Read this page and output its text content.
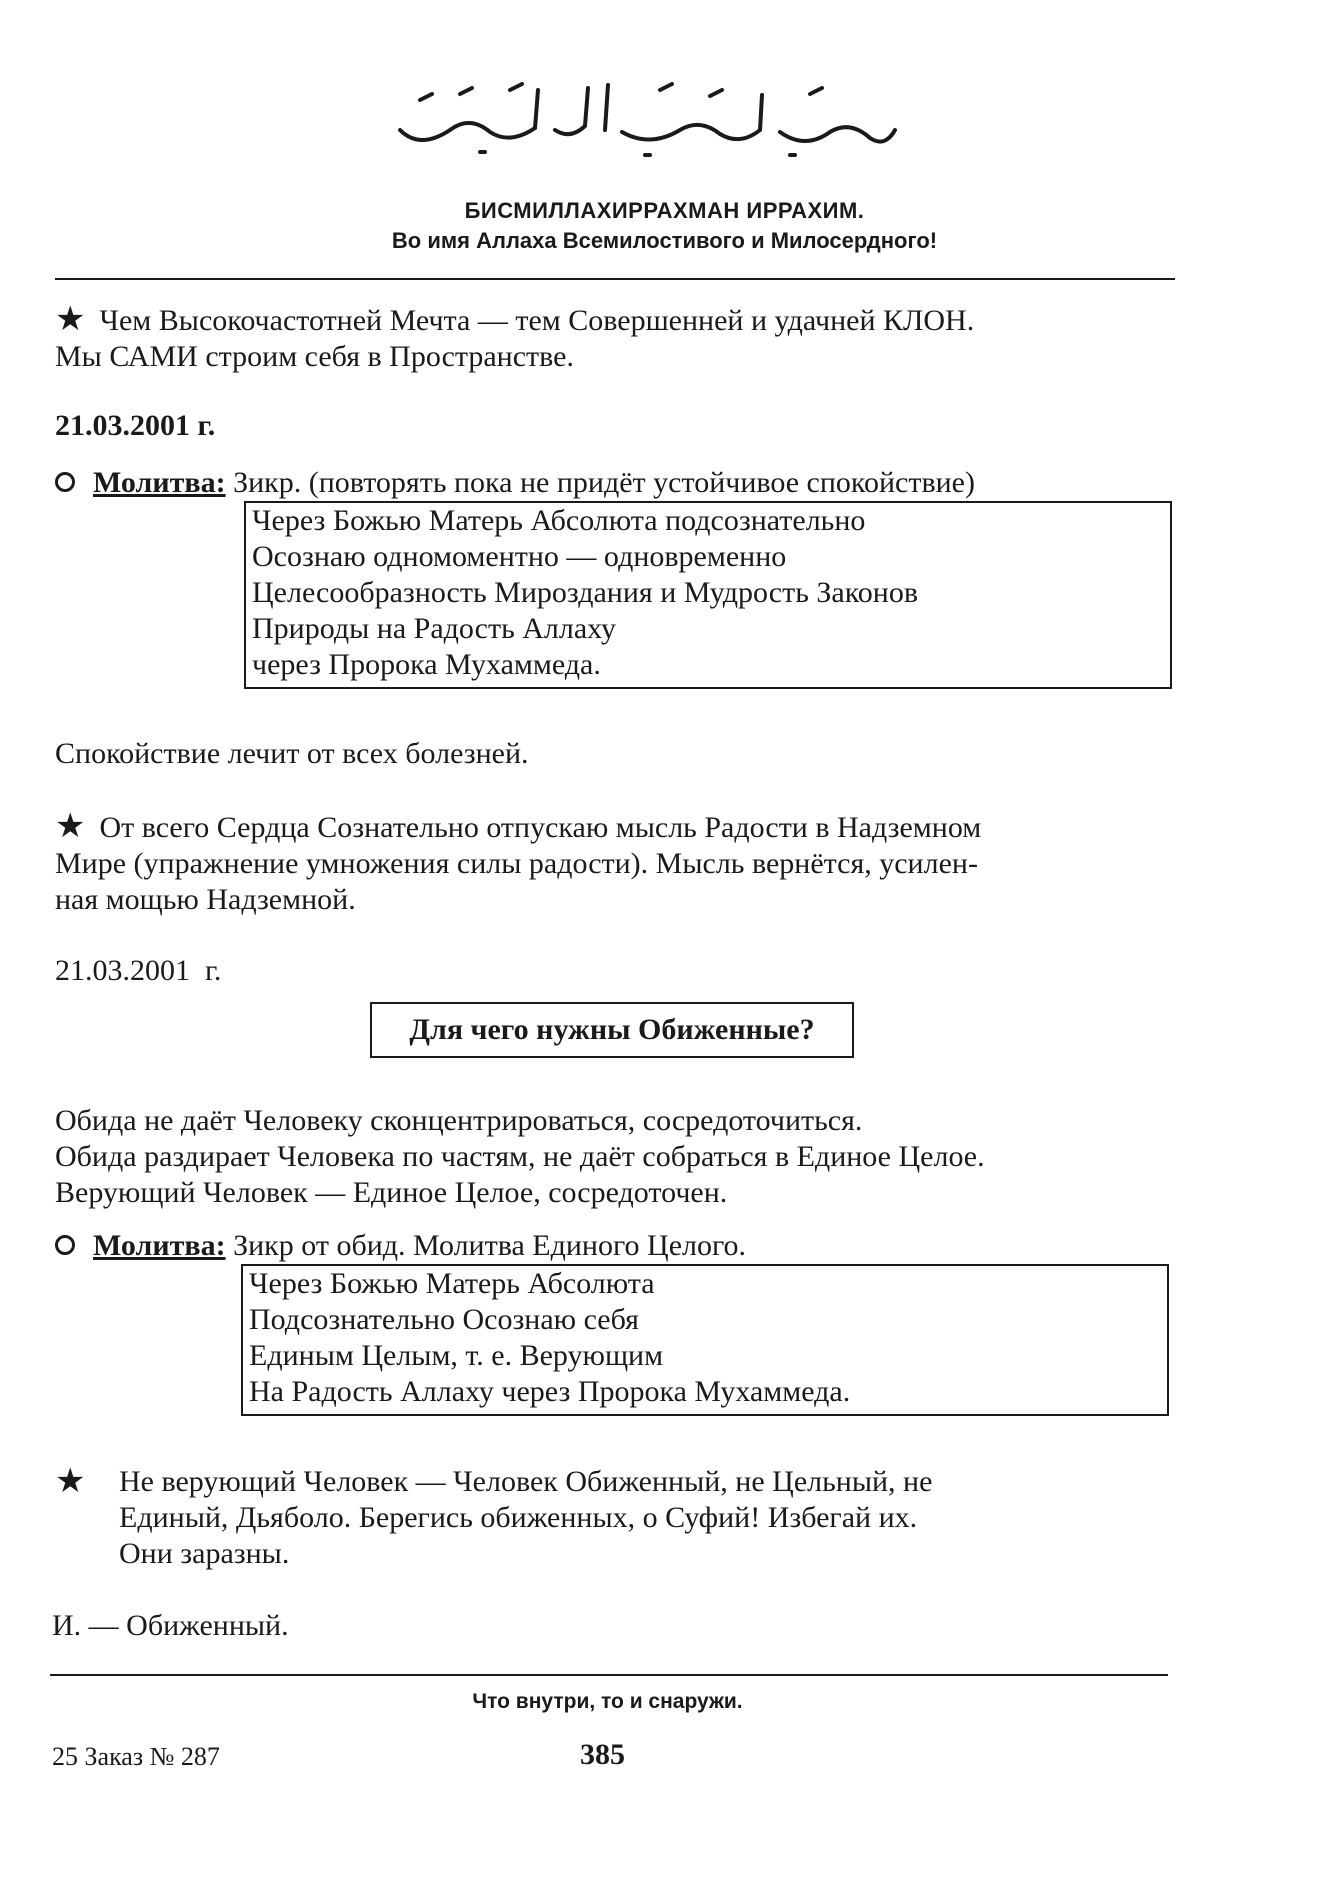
БИСМИЛЛАХИРРАХМАН ИРРАХИМ.
Во имя Аллаха Всемилостивого и Милосердного!
★ Чем Высокочастотней Мечта — тем Совершенней и удачней КЛОН.
Мы САМИ строим себя в Пространстве.
21.03.2001 г.
Молитва: Зикр. (повторять пока не придёт устойчивое спокойствие)
Через Божью Матерь Абсолюта подсознательно
Осознаю одномоментно — одновременно
Целесообразность Мироздания и Мудрость Законов
Природы на Радость Аллаху
через Пророка Мухаммеда.
Спокойствие лечит от всех болезней.
★ От всего Сердца Сознательно отпускаю мысль Радости в Надземном
Мире (упражнение умножения силы радости). Мысль вернётся, усилен-
ная мощью Надземной.
21.03.2001  г.
Для чего нужны Обиженные?
Обида не даёт Человеку сконцентрироваться, сосредоточиться.
Обида раздирает Человека по частям, не даёт собраться в Единое Целое.
Верующий Человек — Единое Целое, сосредоточен.
Молитва: Зикр от обид. Молитва Единого Целого.
Через Божью Матерь Абсолюта
Подсознательно Осознаю себя
Единым Целым, т. е. Верующим
На Радость Аллаху через Пророка Мухаммеда.
★	Не верующий Человек — Человек Обиженный, не Цельный, не
Единый, Дьяболо. Берегись обиженных, о Суфий! Избегай их.
Они заразны.
И. — Обиженный.
Что внутри, то и снаружи.
25 Заказ № 287	385
